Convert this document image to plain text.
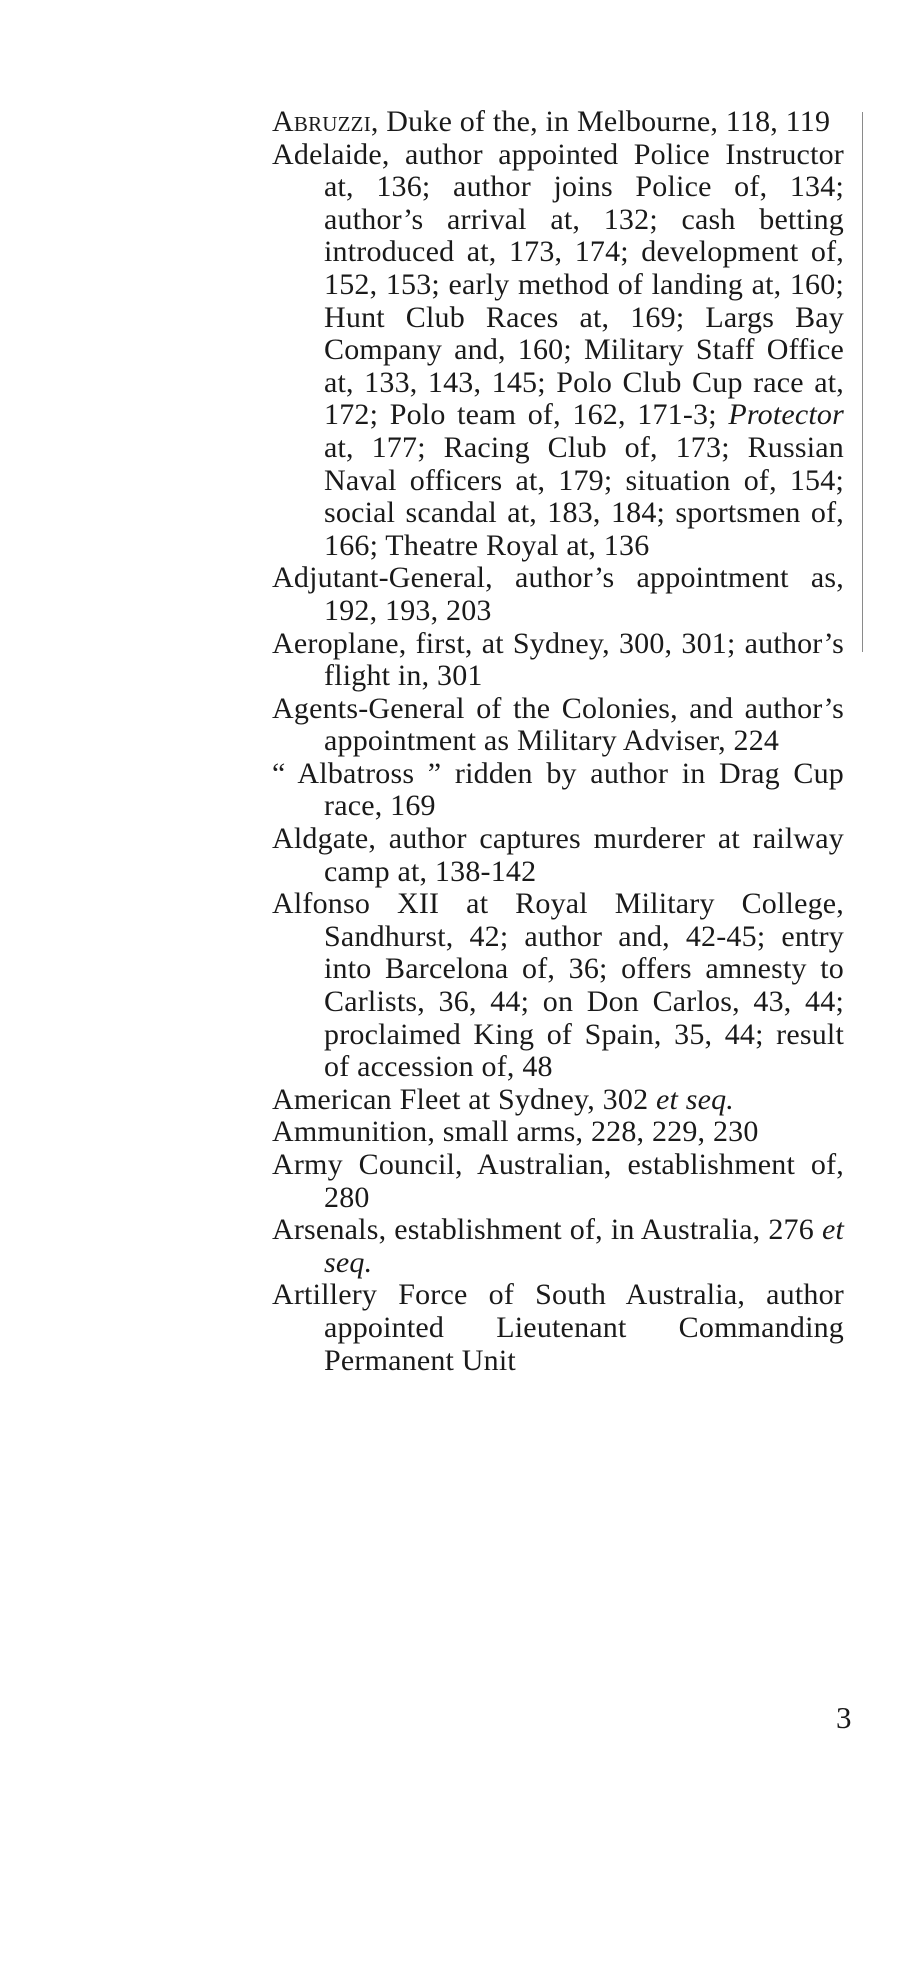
Abruzzi, Duke of the, in Melbourne, 118, 119

Adelaide, author appointed Police Instructor at, 136; author joins Police of, 134; author’s arrival at, 132; cash betting introduced at, 173, 174; development of, 152, 153; early method of landing at, 160; Hunt Club Races at, 169; Largs Bay Company and, 160; Military Staff Office at, 133, 143, 145; Polo Club Cup race at, 172; Polo team of, 162, 171-3; Protector at, 177; Racing Club of, 173; Russian Naval officers at, 179; situation of, 154; social scandal at, 183, 184; sportsmen of, 166; Theatre Royal at, 136

Adjutant-General, author’s appointment as, 192, 193, 203

Aeroplane, first, at Sydney, 300, 301; author’s flight in, 301

Agents-General of the Colonies, and author’s appointment as Military Adviser, 224

“ Albatross ” ridden by author in Drag Cup race, 169

Aldgate, author captures murderer at railway camp at, 138-142

Alfonso XII at Royal Military College, Sandhurst, 42; author and, 42-45; entry into Barcelona of, 36; offers amnesty to Carlists, 36, 44; on Don Carlos, 43, 44; proclaimed King of Spain, 35, 44; result of accession of, 48

American Fleet at Sydney, 302 et seq.

Ammunition, small arms, 228, 229, 230

Army Council, Australian, establishment of, 280

Arsenals, establishment of, in Australia, 276 et seq.

Artillery Force of South Australia, author appointed Lieutenant Commanding Permanent Unit

3
